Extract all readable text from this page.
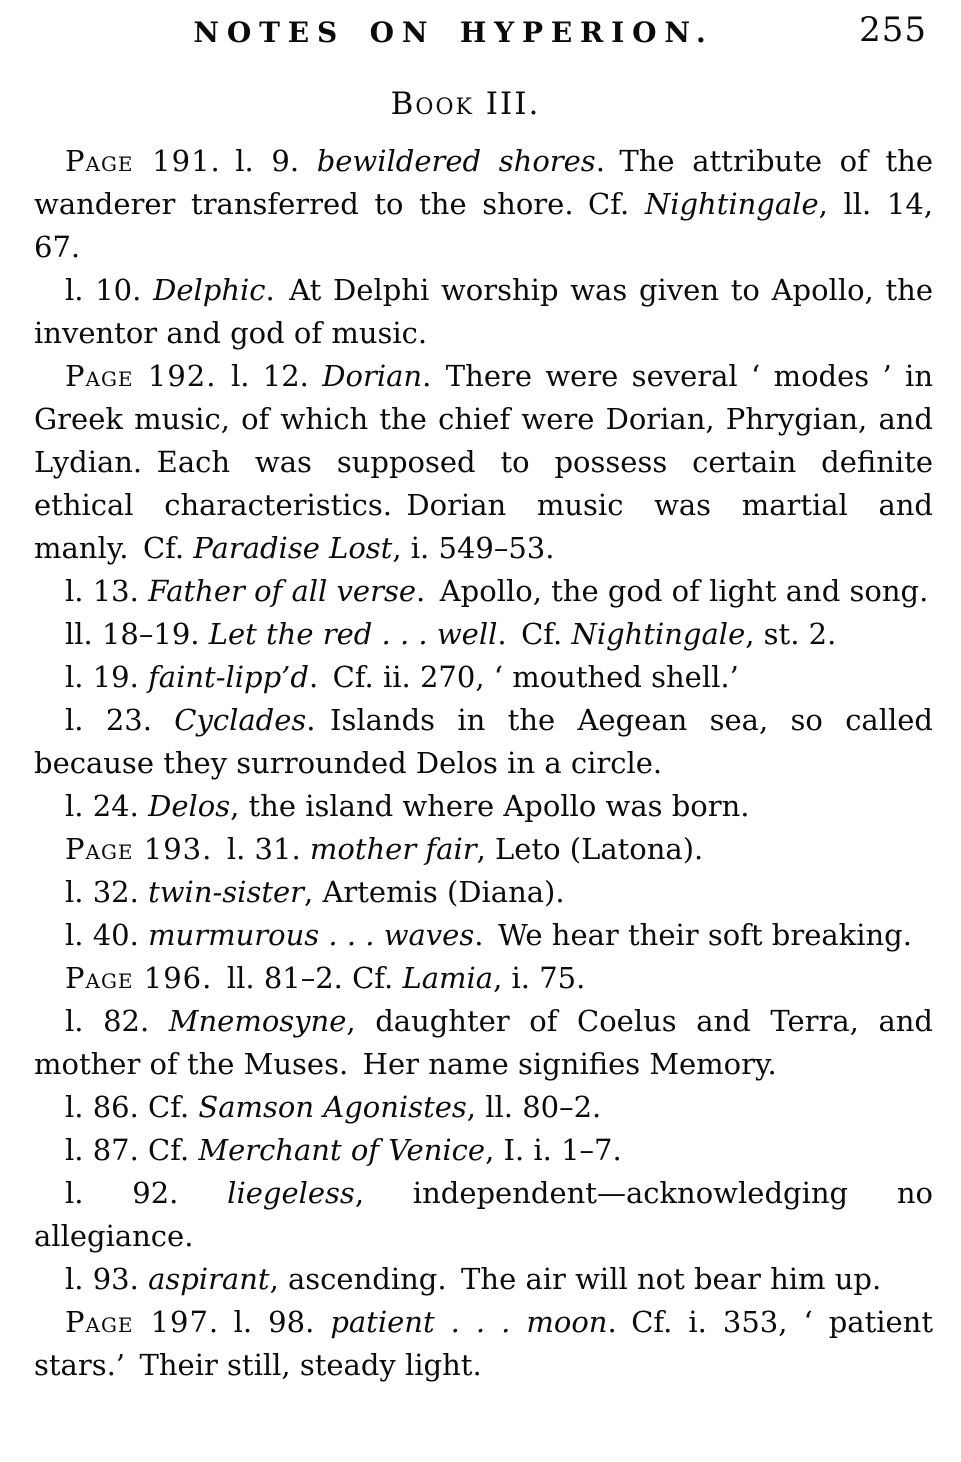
NOTES ON HYPERION.	255
Book III.

Page 191. l. 9. bewildered shores. The attribute of the wanderer transferred to the shore. Cf. Nightingale, ll. 14, 67.

l. 10. Delphic. At Delphi worship was given to Apollo, the inventor and god of music.

Page 192. l. 12. Dorian. There were several ‘ modes ’ in Greek music, of which the chief were Dorian, Phrygian, and Lydian. Each was supposed to possess certain definite ethical characteristics. Dorian music was martial and manly. Cf. Paradise Lost, i. 549–53.

l. 13. Father of all verse. Apollo, the god of light and song.

ll. 18–19. Let the red . . . well. Cf. Nightingale, st. 2.

l. 19. faint-lipp’d. Cf. ii. 270, ‘ mouthed shell.’

l. 23. Cyclades. Islands in the Aegean sea, so called because they surrounded Delos in a circle.

l. 24. Delos, the island where Apollo was born.

Page 193. l. 31. mother fair, Leto (Latona).

l. 32. twin-sister, Artemis (Diana).

l. 40. murmurous . . . waves. We hear their soft breaking.

Page 196. ll. 81–2. Cf. Lamia, i. 75.

l. 82. Mnemosyne, daughter of Coelus and Terra, and mother of the Muses. Her name signifies Memory.

l. 86. Cf. Samson Agonistes, ll. 80–2.

l. 87. Cf. Merchant of Venice, I. i. 1–7.

l. 92. liegeless, independent—acknowledging no allegiance.

l. 93. aspirant, ascending. The air will not bear him up.

Page 197. l. 98. patient . . . moon. Cf. i. 353, ‘ patient stars.’ Their still, steady light.
